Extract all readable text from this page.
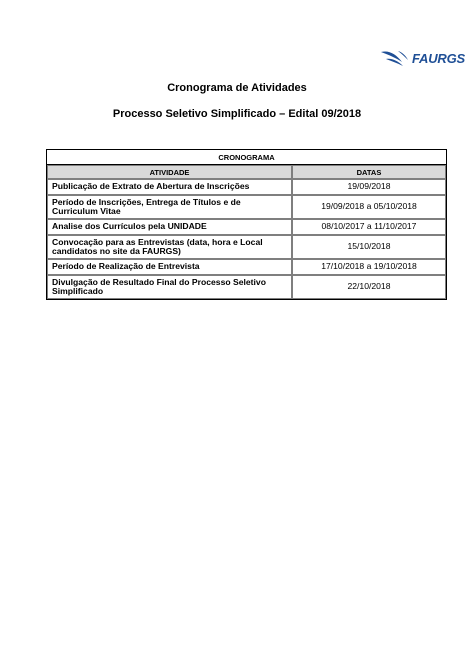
FAURGS
Cronograma de Atividades
Processo Seletivo Simplificado – Edital 09/2018
CRONOGRAMA	
ATIVIDADE	DATAS
Publicação de Extrato de Abertura de Inscrições	19/09/2018
Período de Inscrições, Entrega de Títulos e de Curriculum Vitae	19/09/2018 a 05/10/2018
Analise dos Currículos pela UNIDADE	08/10/2017 a 11/10/2017
Convocação para as Entrevistas (data, hora e Local candidatos no site da FAURGS)	15/10/2018
Período de Realização de Entrevista	17/10/2018 a 19/10/2018
Divulgação de Resultado Final do Processo Seletivo Simplificado	22/10/2018
